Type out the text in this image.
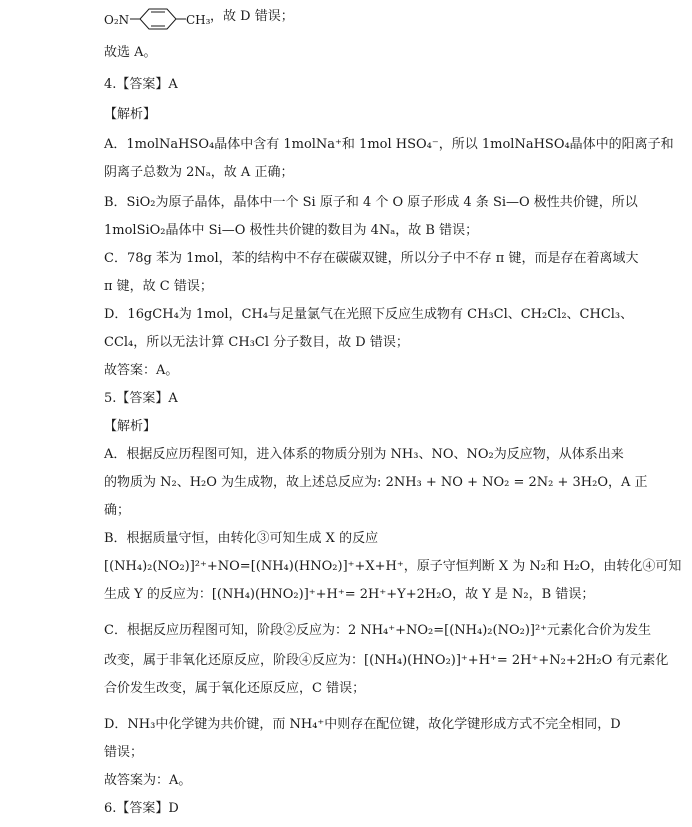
O₂N	CH₃ ，故 D 错误；
故选 A。
4.【答案】A
【解析】
A．1molNaHSO₄晶体中含有 1molNa⁺和 1mol HSO₄⁻，所以 1molNaHSO₄晶体中的阳离子和
阴离子总数为 2Nₐ，故 A 正确；
B．SiO₂为原子晶体，晶体中一个 Si 原子和 4 个 O 原子形成 4 条 Si—O 极性共价键，所以
1molSiO₂晶体中 Si—O 极性共价键的数目为 4Nₐ，故 B 错误；
C．78g 苯为 1mol，苯的结构中不存在碳碳双键，所以分子中不存 π 键，而是存在着离域大
π 键，故 C 错误；
D．16gCH₄为 1mol，CH₄与足量氯气在光照下反应生成物有 CH₃Cl、CH₂Cl₂、CHCl₃、
CCl₄，所以无法计算 CH₃Cl 分子数目，故 D 错误；
故答案：A。
5.【答案】A
【解析】
A．根据反应历程图可知，进入体系的物质分别为 NH₃、NO、NO₂为反应物，从体系出来
的物质为 N₂、H₂O 为生成物，故上述总反应为: 2NH₃ + NO + NO₂ = 2N₂ + 3H₂O，A 正
确；
B．根据质量守恒，由转化③可知生成 X 的反应
[(NH₄)₂(NO₂)]²⁺+NO=[(NH₄)(HNO₂)]⁺+X+H⁺，原子守恒判断 X 为 N₂和 H₂O，由转化④可知
生成 Y 的反应为：[(NH₄)(HNO₂)]⁺+H⁺= 2H⁺+Y+2H₂O，故 Y 是 N₂，B 错误；
C．根据反应历程图可知，阶段②反应为：2 NH₄⁺+NO₂=[(NH₄)₂(NO₂)]²⁺元素化合价为发生
改变，属于非氧化还原反应，阶段④反应为：[(NH₄)(HNO₂)]⁺+H⁺= 2H⁺+N₂+2H₂O 有元素化
合价发生改变，属于氧化还原反应，C 错误；
D．NH₃中化学键为共价键，而 NH₄⁺中则存在配位键，故化学键形成方式不完全相同，D
错误；
故答案为：A。
6.【答案】D
